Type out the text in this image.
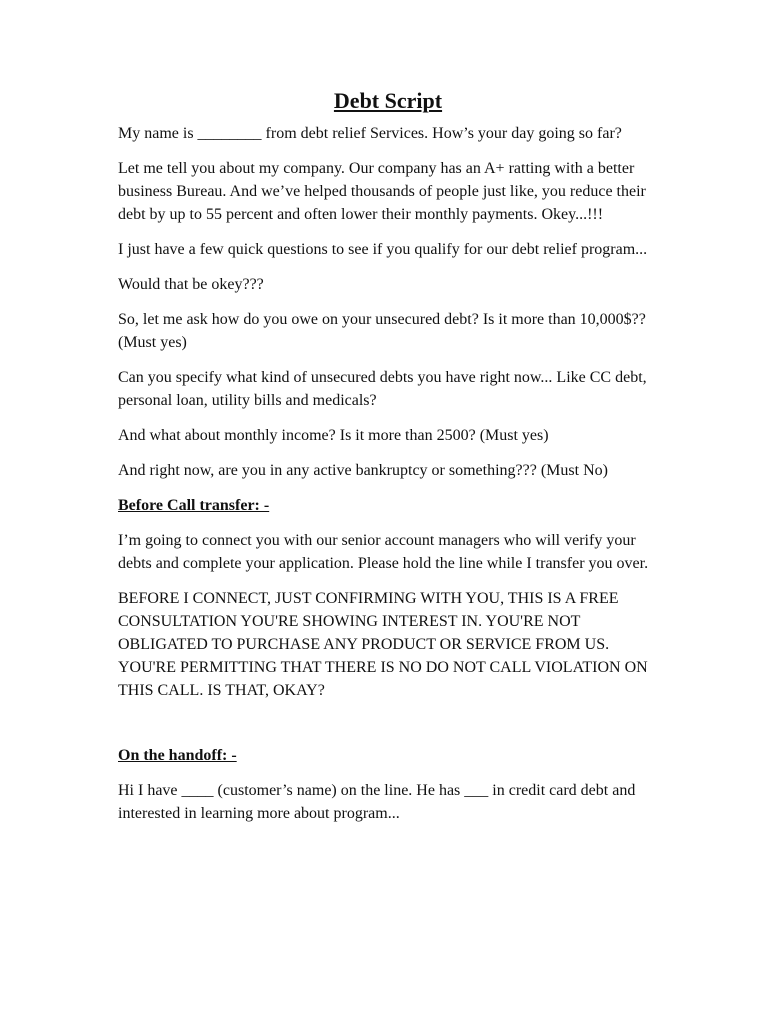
Debt Script

My name is ________ from debt relief Services. How’s your day going so far?

Let me tell you about my company. Our company has an A+ ratting with a better business Bureau. And we’ve helped thousands of people just like, you reduce their debt by up to 55 percent and often lower their monthly payments. Okey...!!!

I just have a few quick questions to see if you qualify for our debt relief program...

Would that be okey???

So, let me ask how do you owe on your unsecured debt? Is it more than 10,000$?? (Must yes)

Can you specify what kind of unsecured debts you have right now... Like CC debt, personal loan, utility bills and medicals?

And what about monthly income? Is it more than 2500? (Must yes)

And right now, are you in any active bankruptcy or something??? (Must No)

Before Call transfer: -

I’m going to connect you with our senior account managers who will verify your debts and complete your application. Please hold the line while I transfer you over.

BEFORE I CONNECT, JUST CONFIRMING WITH YOU, THIS IS A FREE CONSULTATION YOU'RE SHOWING INTEREST IN. YOU'RE NOT OBLIGATED TO PURCHASE ANY PRODUCT OR SERVICE FROM US. YOU'RE PERMITTING THAT THERE IS NO DO NOT CALL VIOLATION ON THIS CALL. IS THAT, OKAY?

On the handoff: -

Hi I have ____ (customer’s name) on the line. He has ___ in credit card debt and interested in learning more about program...
